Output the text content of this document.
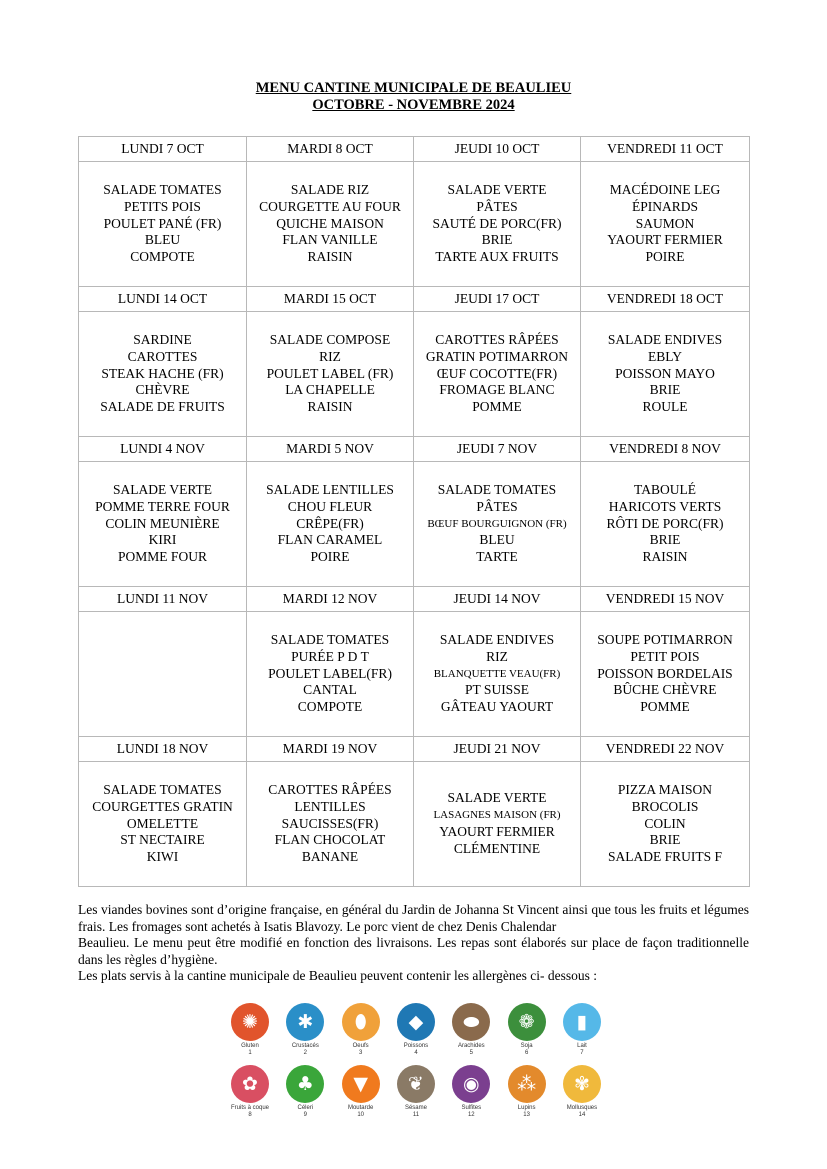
MENU CANTINE MUNICIPALE DE BEAULIEU
OCTOBRE - NOVEMBRE 2024
LUNDI 7 OCT	MARDI 8 OCT	JEUDI 10 OCT	VENDREDI 11 OCT

SALADE TOMATES
PETITS POIS
POULET PANÉ (FR)
BLEU
COMPOTE	SALADE RIZ
COURGETTE AU FOUR
QUICHE MAISON
FLAN VANILLE
RAISIN	SALADE VERTE
PÂTES
SAUTÉ DE PORC(FR)
BRIE
TARTE AUX FRUITS	MACÉDOINE LEG
ÉPINARDS
SAUMON
YAOURT FERMIER
POIRE

LUNDI 14 OCT	MARDI 15 OCT	JEUDI 17 OCT	VENDREDI 18 OCT

SARDINE
CAROTTES
STEAK HACHE (FR)
CHÈVRE
SALADE DE FRUITS	SALADE COMPOSE
RIZ
POULET LABEL (FR)
LA CHAPELLE
RAISIN	CAROTTES RÂPÉES
GRATIN POTIMARRON
ŒUF COCOTTE(FR)
FROMAGE BLANC
POMME	SALADE ENDIVES
EBLY
POISSON MAYO
BRIE
ROULE

LUNDI 4 NOV	MARDI 5 NOV	JEUDI 7 NOV	VENDREDI 8 NOV

SALADE VERTE
POMME TERRE FOUR
COLIN MEUNIÈRE
KIRI
POMME FOUR	SALADE LENTILLES
CHOU FLEUR
CRÊPE(FR)
FLAN CARAMEL
POIRE	SALADE TOMATES
PÂTES
BŒUF BOURGUIGNON (FR)
BLEU
TARTE	TABOULÉ
HARICOTS VERTS
RÔTI DE PORC(FR)
BRIE
RAISIN

LUNDI 11 NOV	MARDI 12 NOV	JEUDI 14 NOV	VENDREDI 15 NOV

	SALADE TOMATES
PURÉE P D T
POULET LABEL(FR)
CANTAL
COMPOTE	SALADE ENDIVES
RIZ
BLANQUETTE VEAU(FR)
PT SUISSE
GÂTEAU YAOURT	SOUPE POTIMARRON
PETIT POIS
POISSON BORDELAIS
BÛCHE CHÈVRE
POMME

LUNDI 18 NOV	MARDI 19 NOV	JEUDI 21 NOV	VENDREDI 22 NOV

SALADE TOMATES
COURGETTES GRATIN
OMELETTE
ST NECTAIRE
KIWI	CAROTTES RÂPÉES
LENTILLES
SAUCISSES(FR)
FLAN CHOCOLAT
BANANE	SALADE VERTE
LASAGNES MAISON (FR)
YAOURT FERMIER
CLÉMENTINE	PIZZA MAISON
BROCOLIS
COLIN
BRIE
SALADE FRUITS F

Les viandes bovines sont d’origine française, en général du Jardin de Johanna St Vincent ainsi que tous les fruits et légumes frais. Les fromages sont achetés à Isatis Blavozy. Le porc vient de chez Denis Chalendar

Beaulieu. Le menu peut être modifié en fonction des livraisons. Les repas sont élaborés sur place de façon traditionnelle dans les règles d’hygiène.

Les plats servis à la cantine municipale de Beaulieu peuvent contenir les allergènes ci- dessous :

✺
Gluten
1
✱
Crustacés
2
⬮
Oeufs
3
◆
Poissons
4
⬬
Arachides
5
❁
Soja
6
▮
Lait
7
✿
Fruits à coque
8
♣
Céleri
9
▼
Moutarde
10
❦
Sésame
11
◉
Sulfites
12
⁂
Lupins
13
✾
Mollusques
14
